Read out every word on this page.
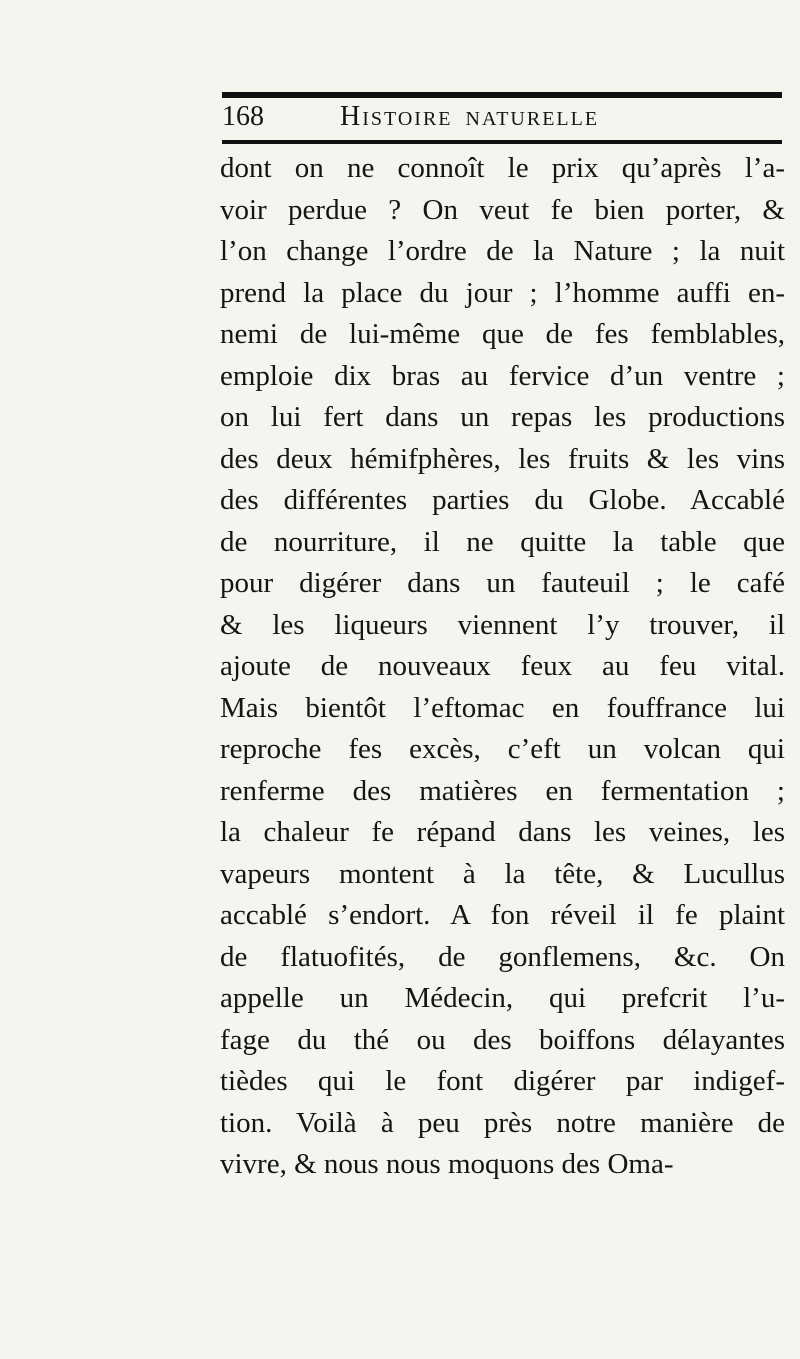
168	Histoire naturelle
dont on ne connoît le prix qu’après l’a-
voir perdue ? On veut fe bien porter, &
l’on change l’ordre de la Nature ; la nuit
prend la place du jour ; l’homme auffi en-
nemi de lui-même que de fes femblables,
emploie dix bras au fervice d’un ventre ;
on lui fert dans un repas les productions
des deux hémifphères, les fruits & les vins
des différentes parties du Globe. Accablé
de nourriture, il ne quitte la table que
pour digérer dans un fauteuil ; le café
& les liqueurs viennent l’y trouver, il
ajoute de nouveaux feux au feu vital.
Mais bientôt l’eftomac en fouffrance lui
reproche fes excès, c’eft un volcan qui
renferme des matières en fermentation ;
la chaleur fe répand dans les veines, les
vapeurs montent à la tête, & Lucullus
accablé s’endort. A fon réveil il fe plaint
de flatuofités, de gonflemens, &c. On
appelle un Médecin, qui prefcrit l’u-
fage du thé ou des boiffons délayantes
tièdes qui le font digérer par indigef-
tion. Voilà à peu près notre manière de
vivre, & nous nous moquons des Oma-
